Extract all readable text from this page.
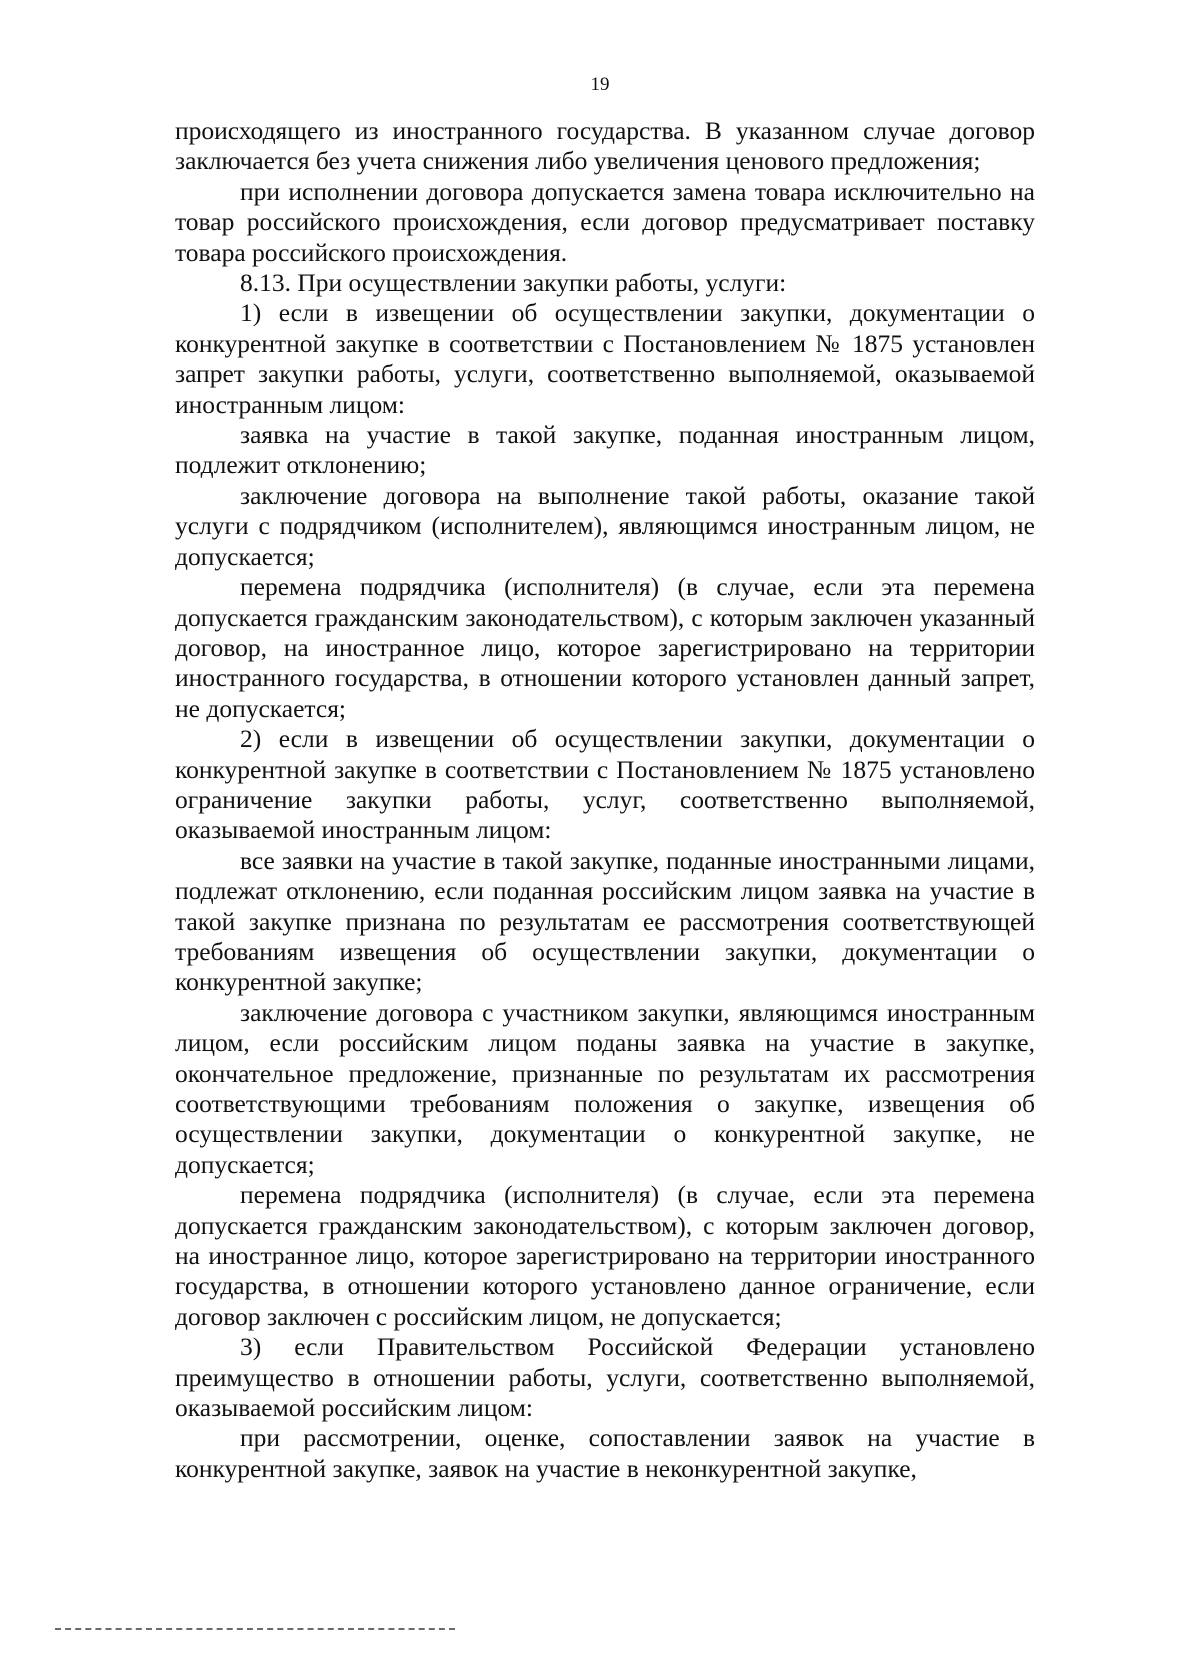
19

происходящего из иностранного государства. В указанном случае договор заключается без учета снижения либо увеличения ценового предложения;

при исполнении договора допускается замена товара исключительно на товар российского происхождения, если договор предусматривает поставку товара российского происхождения.

8.13. При осуществлении закупки работы, услуги:

1) если в извещении об осуществлении закупки, документации о конкурентной закупке в соответствии с Постановлением № 1875 установлен запрет закупки работы, услуги, соответственно выполняемой, оказываемой иностранным лицом:

заявка на участие в такой закупке, поданная иностранным лицом, подлежит отклонению;

заключение договора на выполнение такой работы, оказание такой услуги с подрядчиком (исполнителем), являющимся иностранным лицом, не допускается;

перемена подрядчика (исполнителя) (в случае, если эта перемена допускается гражданским законодательством), с которым заключен указанный договор, на иностранное лицо, которое зарегистрировано на территории иностранного государства, в отношении которого установлен данный запрет, не допускается;

2) если в извещении об осуществлении закупки, документации о конкурентной закупке в соответствии с Постановлением № 1875 установлено ограничение закупки работы, услуг, соответственно выполняемой, оказываемой иностранным лицом:

все заявки на участие в такой закупке, поданные иностранными лицами, подлежат отклонению, если поданная российским лицом заявка на участие в такой закупке признана по результатам ее рассмотрения соответствующей требованиям извещения об осуществлении закупки, документации о конкурентной закупке;

заключение договора с участником закупки, являющимся иностранным лицом, если российским лицом поданы заявка на участие в закупке, окончательное предложение, признанные по результатам их рассмотрения соответствующими требованиям положения о закупке, извещения об осуществлении закупки, документации о конкурентной закупке, не допускается;

перемена подрядчика (исполнителя) (в случае, если эта перемена допускается гражданским законодательством), с которым заключен договор, на иностранное лицо, которое зарегистрировано на территории иностранного государства, в отношении которого установлено данное ограничение, если договор заключен с российским лицом, не допускается;

3) если Правительством Российской Федерации установлено преимущество в отношении работы, услуги, соответственно выполняемой, оказываемой российским лицом:

при рассмотрении, оценке, сопоставлении заявок на участие в конкурентной закупке, заявок на участие в неконкурентной закупке,
